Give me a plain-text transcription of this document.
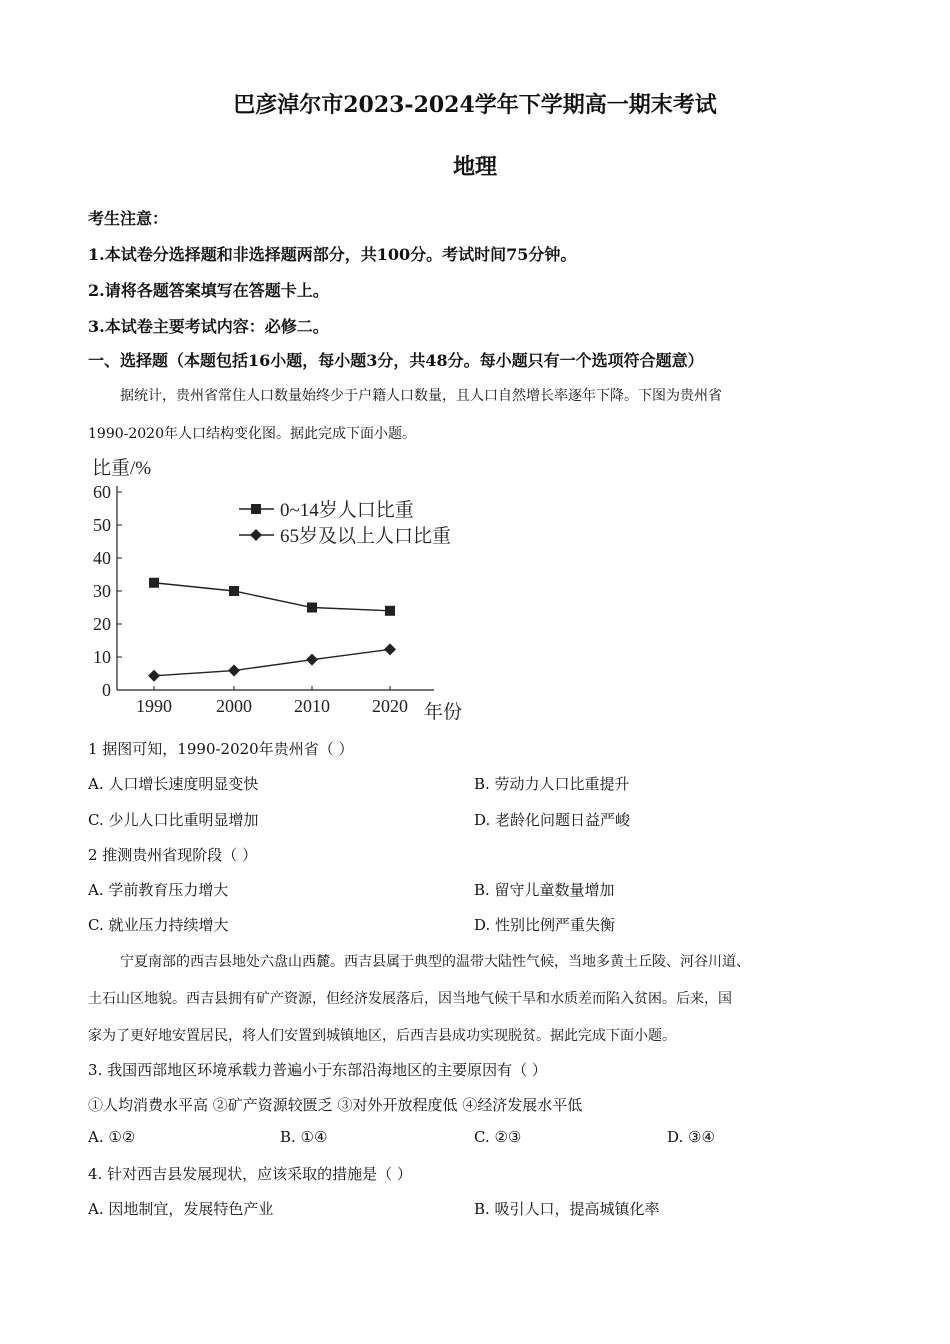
巴彦淖尔市2023-2024学年下学期高一期末考试
地理
考生注意：
1.本试卷分选择题和非选择题两部分，共100分。考试时间75分钟。
2.请将各题答案填写在答题卡上。
3.本试卷主要考试内容：必修二。
一、选择题（本题包括16小题，每小题3分，共48分。每小题只有一个选项符合题意）
据统计，贵州省常住人口数量始终少于户籍人口数量，且人口自然增长率逐年下降。下图为贵州省
1990-2020年人口结构变化图。据此完成下面小题。
比重/%
0
10
20
30
40
50
60
1990 2000 2010 2020 年份
0~14岁人口比重
65岁及以上人口比重
1 据图可知，1990-2020年贵州省（ ）
A. 人口增长速度明显变快	B. 劳动力人口比重提升
C. 少儿人口比重明显增加	D. 老龄化问题日益严峻
2 推测贵州省现阶段（ ）
A. 学前教育压力增大	B. 留守儿童数量增加
C. 就业压力持续增大	D. 性别比例严重失衡
宁夏南部的西吉县地处六盘山西麓。西吉县属于典型的温带大陆性气候，当地多黄土丘陵、河谷川道、
土石山区地貌。西吉县拥有矿产资源，但经济发展落后，因当地气候干旱和水质差而陷入贫困。后来，国
家为了更好地安置居民，将人们安置到城镇地区，后西吉县成功实现脱贫。据此完成下面小题。
3. 我国西部地区环境承载力普遍小于东部沿海地区的主要原因有（ ）
①人均消费水平高 ②矿产资源较匮乏 ③对外开放程度低 ④经济发展水平低
A. ①②	B. ①④	C. ②③	D. ③④
4. 针对西吉县发展现状，应该采取的措施是（ ）
A. 因地制宜，发展特色产业	B. 吸引人口，提高城镇化率
